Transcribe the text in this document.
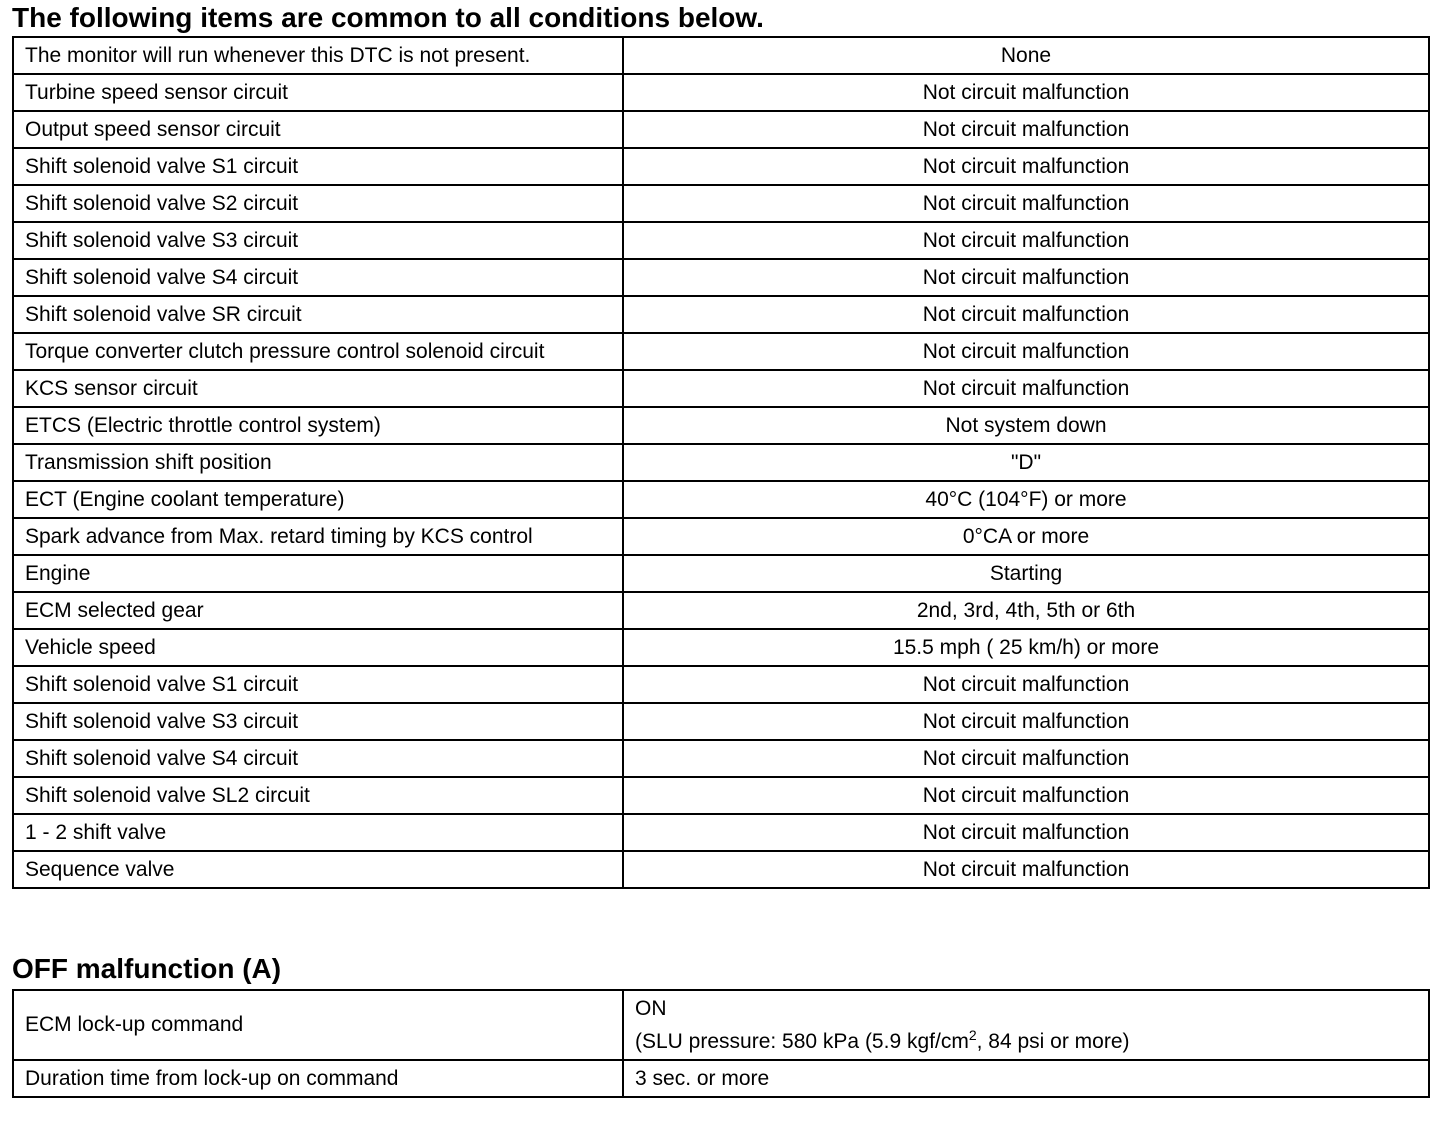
The following items are common to all conditions below.
The monitor will run whenever this DTC is not present.	None
Turbine speed sensor circuit	Not circuit malfunction
Output speed sensor circuit	Not circuit malfunction
Shift solenoid valve S1 circuit	Not circuit malfunction
Shift solenoid valve S2 circuit	Not circuit malfunction
Shift solenoid valve S3 circuit	Not circuit malfunction
Shift solenoid valve S4 circuit	Not circuit malfunction
Shift solenoid valve SR circuit	Not circuit malfunction
Torque converter clutch pressure control solenoid circuit	Not circuit malfunction
KCS sensor circuit	Not circuit malfunction
ETCS (Electric throttle control system)	Not system down
Transmission shift position	"D"
ECT (Engine coolant temperature)	40°C (104°F) or more
Spark advance from Max. retard timing by KCS control	0°CA or more
Engine	Starting
ECM selected gear	2nd, 3rd, 4th, 5th or 6th
Vehicle speed	15.5 mph ( 25 km/h) or more
Shift solenoid valve S1 circuit	Not circuit malfunction
Shift solenoid valve S3 circuit	Not circuit malfunction
Shift solenoid valve S4 circuit	Not circuit malfunction
Shift solenoid valve SL2 circuit	Not circuit malfunction
1 - 2 shift valve	Not circuit malfunction
Sequence valve	Not circuit malfunction
OFF malfunction (A)
ECM lock-up command	ON
(SLU pressure: 580 kPa (5.9 kgf/$cm^2$, 84 psi or more)

Duration time from lock-up on command	3 sec. or more
